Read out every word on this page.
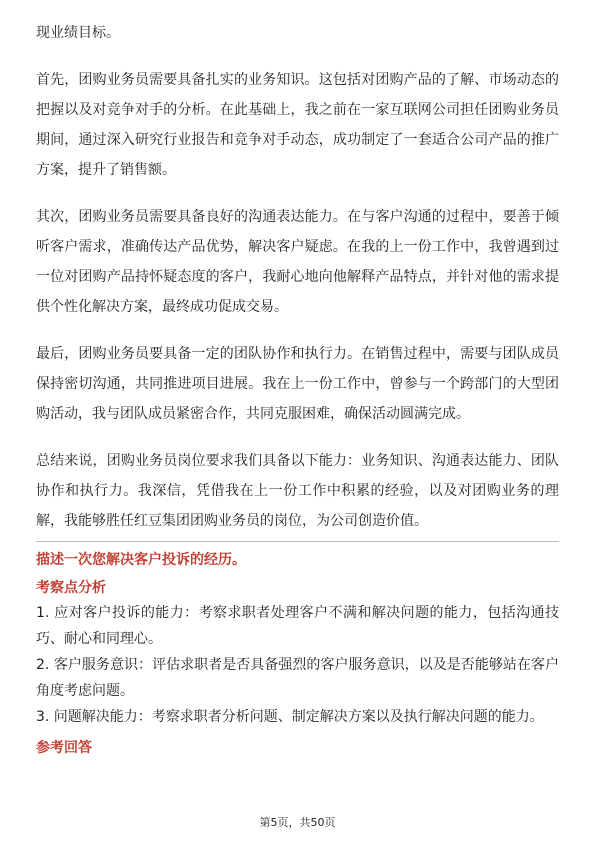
现业绩目标。

首先，团购业务员需要具备扎实的业务知识。这包括对团购产品的了解、市场动态的把握以及对竞争对手的分析。在此基础上，我之前在一家互联网公司担任团购业务员期间，通过深入研究行业报告和竞争对手动态，成功制定了一套适合公司产品的推广方案，提升了销售额。

其次，团购业务员需要具备良好的沟通表达能力。在与客户沟通的过程中，要善于倾听客户需求，准确传达产品优势，解决客户疑虑。在我的上一份工作中，我曾遇到过一位对团购产品持怀疑态度的客户，我耐心地向他解释产品特点，并针对他的需求提供个性化解决方案，最终成功促成交易。

最后，团购业务员要具备一定的团队协作和执行力。在销售过程中，需要与团队成员保持密切沟通，共同推进项目进展。我在上一份工作中，曾参与一个跨部门的大型团购活动，我与团队成员紧密合作，共同克服困难，确保活动圆满完成。

总结来说，团购业务员岗位要求我们具备以下能力：业务知识、沟通表达能力、团队协作和执行力。我深信，凭借我在上一份工作中积累的经验，以及对团购业务的理解，我能够胜任红豆集团团购业务员的岗位，为公司创造价值。

描述一次您解决客户投诉的经历。
考察点分析

1. 应对客户投诉的能力：考察求职者处理客户不满和解决问题的能力，包括沟通技巧、耐心和同理心。

2. 客户服务意识：评估求职者是否具备强烈的客户服务意识，以及是否能够站在客户角度考虑问题。

3. 问题解决能力：考察求职者分析问题、制定解决方案以及执行解决问题的能力。

参考回答
第5页，共50页
